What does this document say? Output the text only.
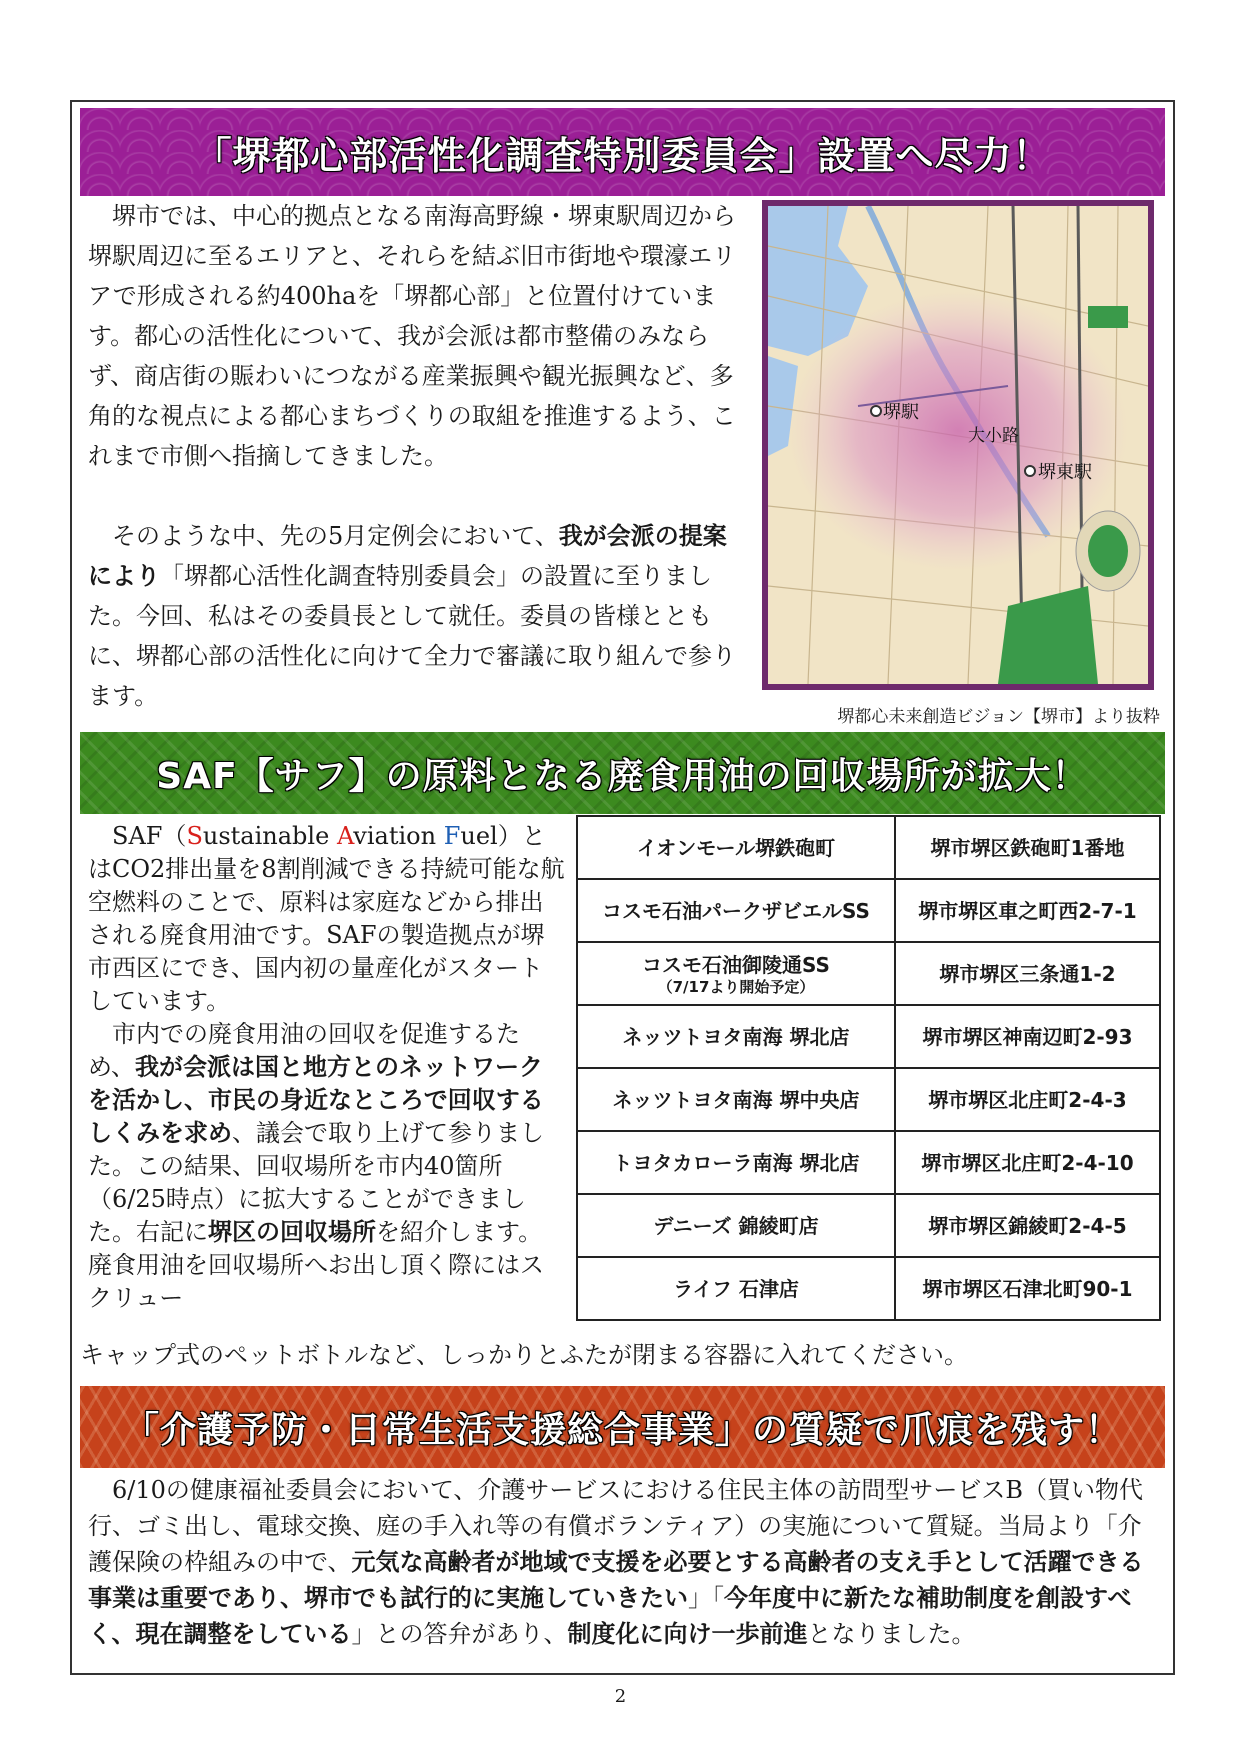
「堺都心部活性化調査特別委員会」設置へ尽力！

堺市では、中心的拠点となる南海高野線・堺東駅周辺から堺駅周辺に至るエリアと、それらを結ぶ旧市街地や環濠エリアで形成される約400haを「堺都心部」と位置付けています。都心の活性化について、我が会派は都市整備のみならず、商店街の賑わいにつながる産業振興や観光振興など、多角的な視点による都心まちづくりの取組を推進するよう、これまで市側へ指摘してきました。

そのような中、先の5月定例会において、我が会派の提案により「堺都心活性化調査特別委員会」の設置に至りました。今回、私はその委員長として就任。委員の皆様とともに、堺都心部の活性化に向けて全力で審議に取り組んで参ります。

堺駅
大小路
堺東駅
堺都心未来創造ビジョン【堺市】より抜粋
SAF【サフ】の原料となる廃食用油の回収場所が拡大！

SAF（Sustainable Aviation Fuel）とはCO2排出量を8割削減できる持続可能な航空燃料のことで、原料は家庭などから排出される廃食用油です。SAFの製造拠点が堺市西区にでき、国内初の量産化がスタートしています。

市内での廃食用油の回収を促進するため、我が会派は国と地方とのネットワークを活かし、市民の身近なところで回収するしくみを求め、議会で取り上げて参りました。この結果、回収場所を市内40箇所（6/25時点）に拡大することができました。右記に堺区の回収場所を紹介します。廃食用油を回収場所へお出し頂く際にはスクリュー

イオンモール堺鉄砲町	堺市堺区鉄砲町1番地
コスモ石油パークザビエルSS	堺市堺区車之町西2-7-1
コスモ石油御陵通SS
（7/17より開始予定）	堺市堺区三条通1-2
ネッツトヨタ南海 堺北店	堺市堺区神南辺町2-93
ネッツトヨタ南海 堺中央店	堺市堺区北庄町2-4-3
トヨタカローラ南海 堺北店	堺市堺区北庄町2-4-10
デニーズ 錦綾町店	堺市堺区錦綾町2-4-5
ライフ 石津店	堺市堺区石津北町90-1

キャップ式のペットボトルなど、しっかりとふたが閉まる容器に入れてください。

「介護予防・日常生活支援総合事業」の質疑で爪痕を残す！

6/10の健康福祉委員会において、介護サービスにおける住民主体の訪問型サービスB（買い物代行、ゴミ出し、電球交換、庭の手入れ等の有償ボランティア）の実施について質疑。当局より「介護保険の枠組みの中で、元気な高齢者が地域で支援を必要とする高齢者の支え手として活躍できる事業は重要であり、堺市でも試行的に実施していきたい」「今年度中に新たな補助制度を創設すべく、現在調整をしている」との答弁があり、制度化に向け一歩前進となりました。

2
